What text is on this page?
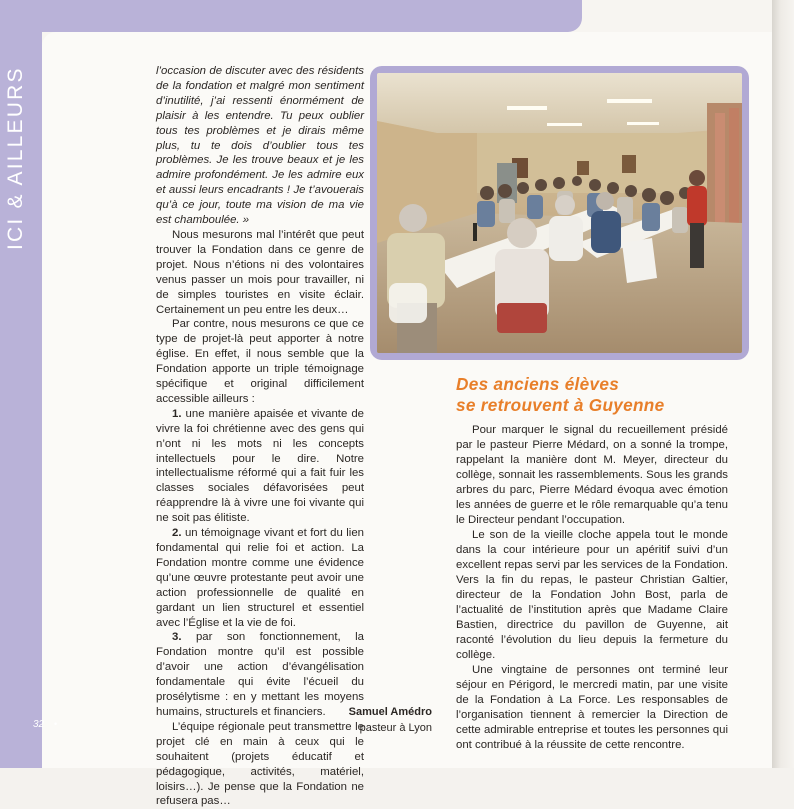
ICI & AILLEURS
32 •

l’occasion de discuter avec des résidents de la fondation et malgré mon sentiment d’inutilité, j’ai ressenti énormément de plaisir à les entendre. Tu peux oublier tous tes problèmes et je dirais même plus, tu te dois d’oublier tous tes problèmes. Je les trouve beaux et je les admire profondément. Je les admire eux et aussi leurs encadrants ! Je t’avouerais qu’à ce jour, toute ma vision de ma vie est chamboulée. »

Nous mesurons mal l’intérêt que peut trouver la Fondation dans ce genre de projet. Nous n’étions ni des volontaires venus passer un mois pour travailler, ni de simples touristes en visite éclair. Certainement un peu entre les deux…

Par contre, nous mesurons ce que ce type de projet-là peut apporter à notre église. En effet, il nous semble que la Fondation apporte un triple témoignage spécifique et original difficilement accessible ailleurs :

1. une manière apaisée et vivante de vivre la foi chrétienne avec des gens qui n’ont ni les mots ni les concepts intellectuels pour le dire. Notre intellectualisme réformé qui a fait fuir les classes sociales défavorisées peut réapprendre là à vivre une foi vivante qui ne soit pas élitiste.

2. un témoignage vivant et fort du lien fondamental qui relie foi et action. La Fondation montre comme une évidence qu’une œuvre protestante peut avoir une action professionnelle de qualité en gardant un lien structurel et essentiel avec l’Église et la vie de foi.

3. par son fonctionnement, la Fondation montre qu’il est possible d’avoir une action d’évangélisation fondamentale qui évite l’écueil du prosélytisme : en y mettant les moyens humains, structurels et financiers.

L’équipe régionale peut transmettre le projet clé en main à ceux qui le souhaitent (projets éducatif et pédagogique, activités, matériel, loisirs…). Je pense que la Fondation ne refusera pas…

Samuel Amédro
pasteur à Lyon
Des anciens élèves
se retrouvent à Guyenne

Pour marquer le signal du recueillement présidé par le pasteur Pierre Médard, on a sonné la trompe, rappelant la manière dont M. Meyer, directeur du collège, sonnait les rassemblements. Sous les grands arbres du parc, Pierre Médard évoqua avec émotion les années de guerre et le rôle remarquable qu’a tenu le Directeur pendant l’occupation.

Le son de la vieille cloche appela tout le monde dans la cour intérieure pour un apéritif suivi d’un excellent repas servi par les services de la Fondation. Vers la fin du repas, le pasteur Christian Galtier, directeur de la Fondation John Bost, parla de l’actualité de l’institution après que Madame Claire Bastien, directrice du pavillon de Guyenne, ait raconté l’évolution du lieu depuis la fermeture du collège.

Une vingtaine de personnes ont terminé leur séjour en Périgord, le mercredi matin, par une visite de la Fondation à La Force. Les responsables de l’organisation tiennent à remercier la Direction de cette admirable entreprise et toutes les personnes qui ont contribué à la réussite de cette rencontre.
